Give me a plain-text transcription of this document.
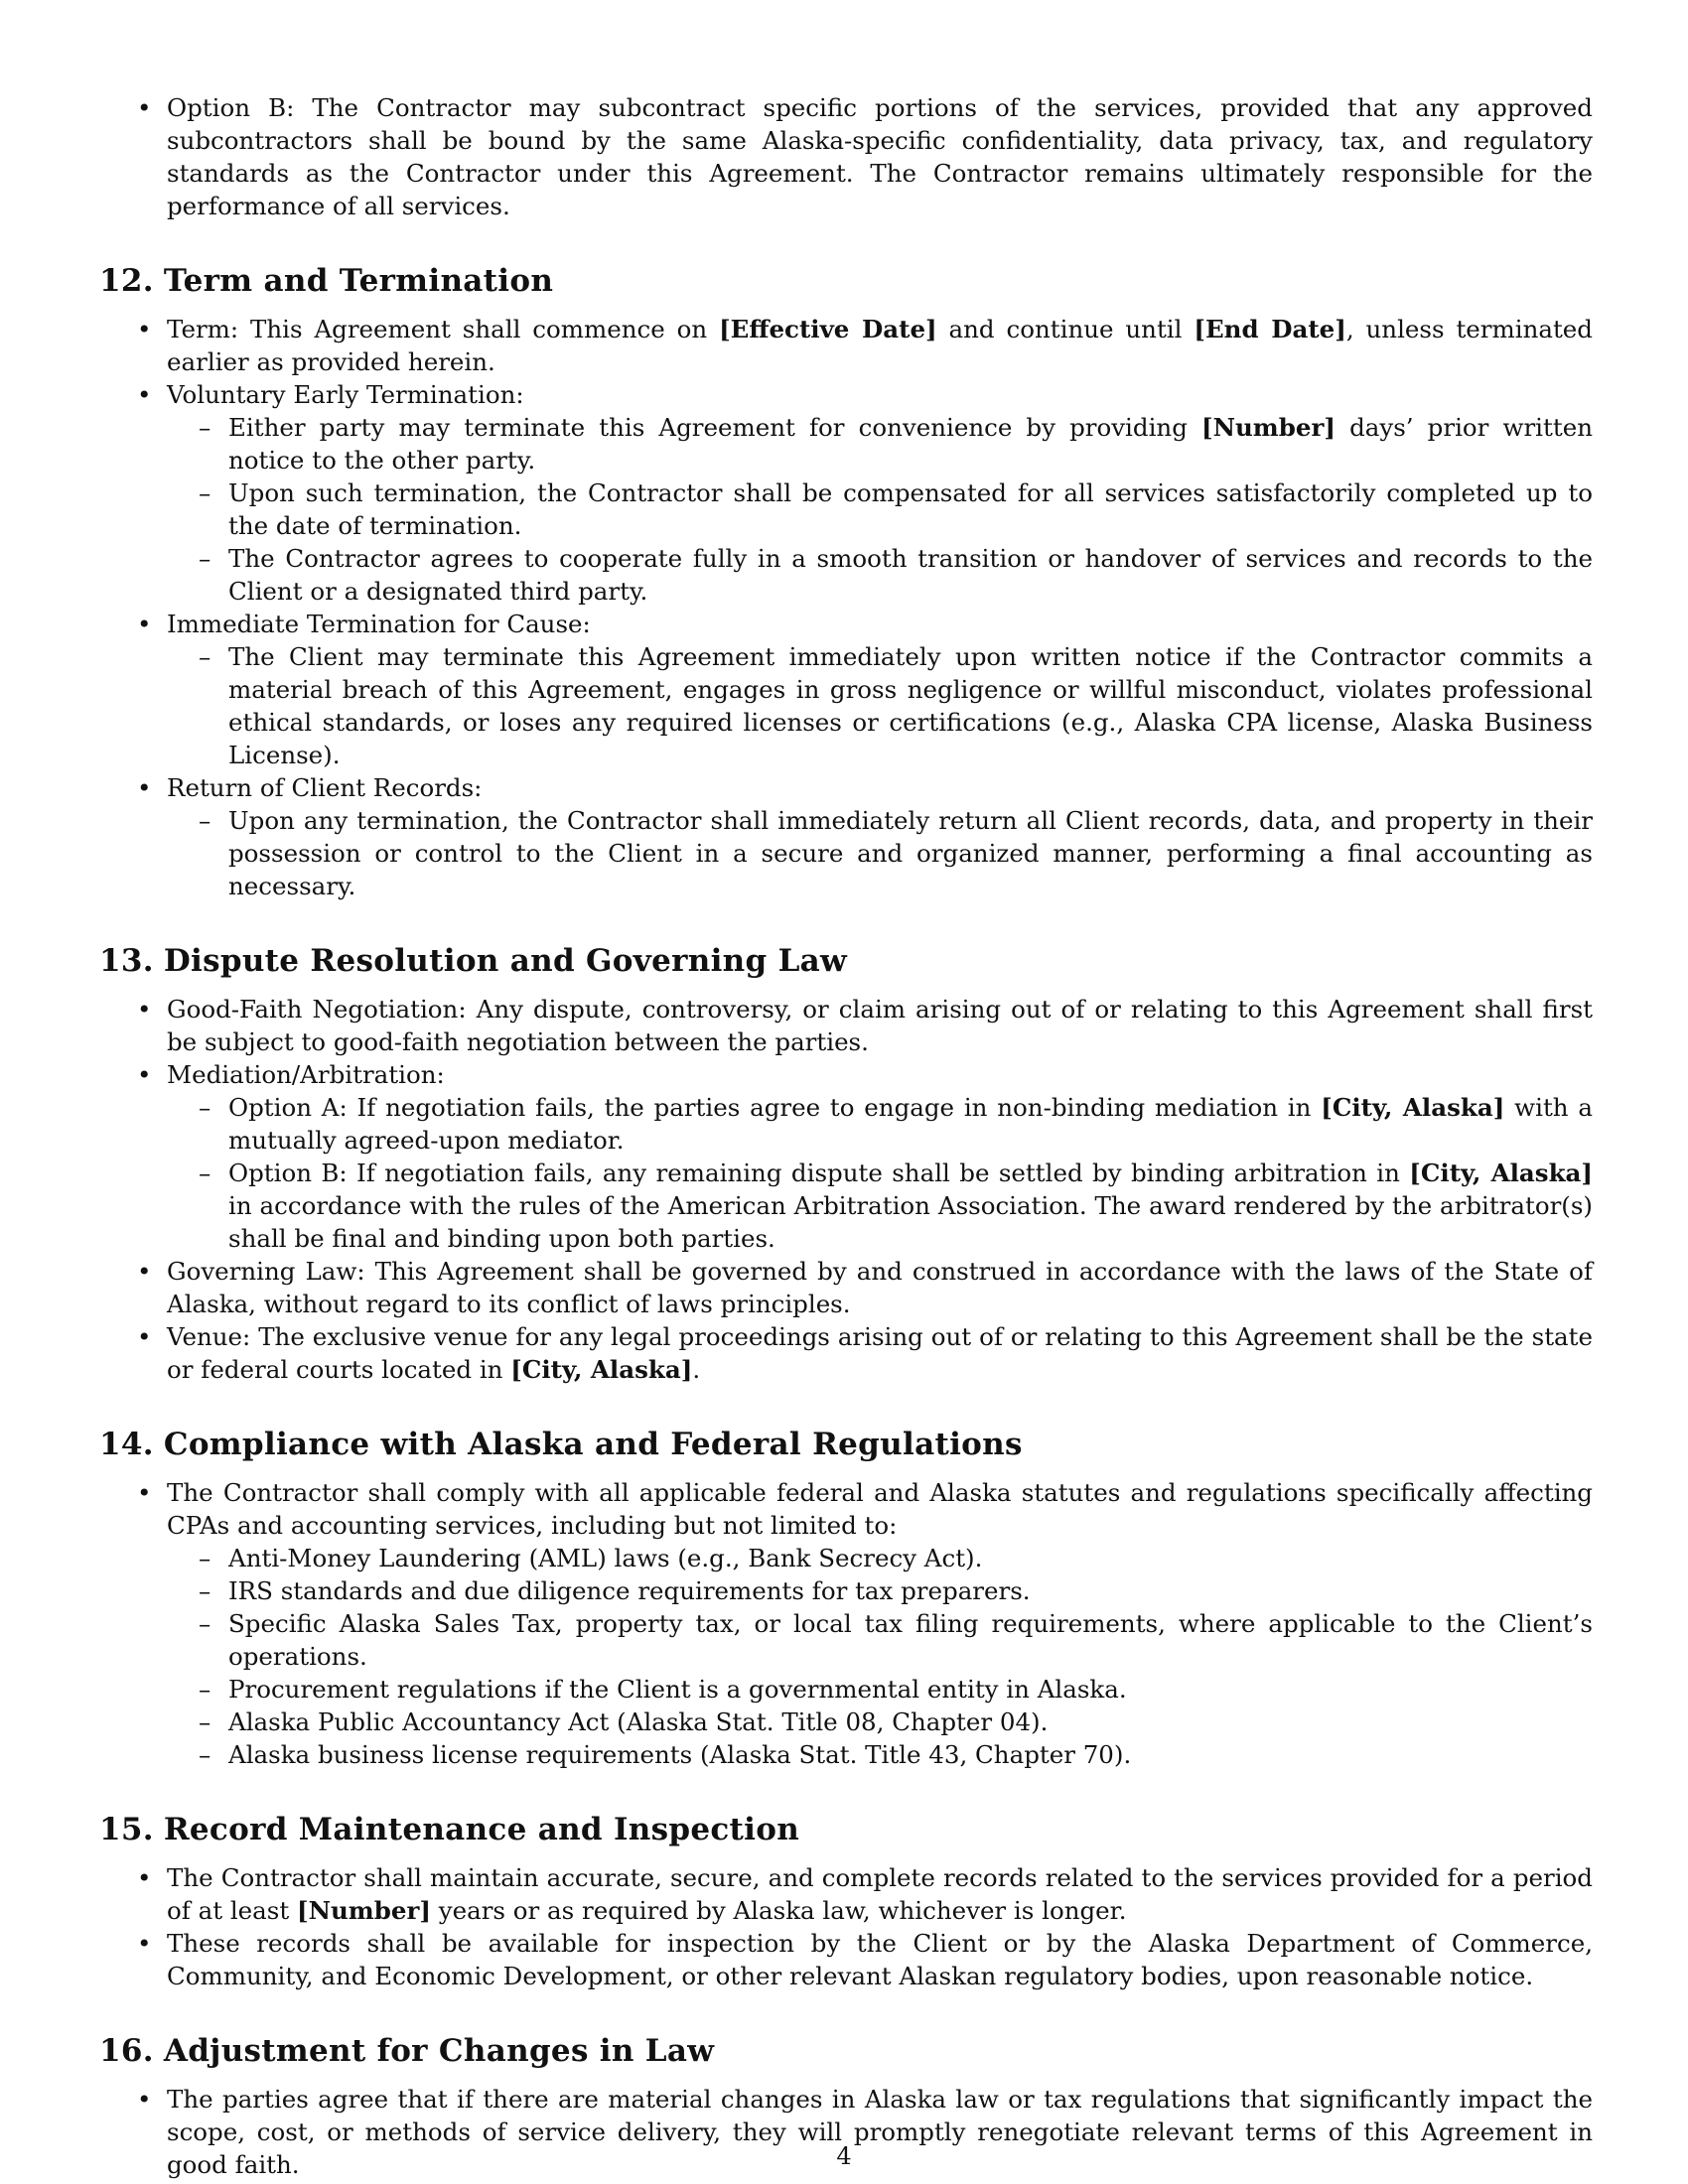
• Option B: The Contractor may subcontract specific portions of the services, provided that any approved subcontractors shall be bound by the same Alaska-specific confidentiality, data privacy, tax, and regulatory standards as the Contractor under this Agreement. The Contractor remains ultimately responsible for the performance of all services.
12. Term and Termination
• Term: This Agreement shall commence on [Effective Date] and continue until [End Date], unless terminated earlier as provided herein.
• Voluntary Early Termination:
– Either party may terminate this Agreement for convenience by providing [Number] days’ prior written notice to the other party.
– Upon such termination, the Contractor shall be compensated for all services satisfactorily completed up to the date of termination.
– The Contractor agrees to cooperate fully in a smooth transition or handover of services and records to the Client or a designated third party.
• Immediate Termination for Cause:
– The Client may terminate this Agreement immediately upon written notice if the Contractor commits a material breach of this Agreement, engages in gross negligence or willful misconduct, violates professional ethical standards, or loses any required licenses or certifications (e.g., Alaska CPA license, Alaska Business License).
• Return of Client Records:
– Upon any termination, the Contractor shall immediately return all Client records, data, and property in their possession or control to the Client in a secure and organized manner, performing a final accounting as necessary.
13. Dispute Resolution and Governing Law
• Good-Faith Negotiation: Any dispute, controversy, or claim arising out of or relating to this Agreement shall first be subject to good-faith negotiation between the parties.
• Mediation/Arbitration:
– Option A: If negotiation fails, the parties agree to engage in non-binding mediation in [City, Alaska] with a mutually agreed-upon mediator.
– Option B: If negotiation fails, any remaining dispute shall be settled by binding arbitration in [City, Alaska] in accordance with the rules of the American Arbitration Association. The award rendered by the arbitrator(s) shall be final and binding upon both parties.
• Governing Law: This Agreement shall be governed by and construed in accordance with the laws of the State of Alaska, without regard to its conflict of laws principles.
• Venue: The exclusive venue for any legal proceedings arising out of or relating to this Agreement shall be the state or federal courts located in [City, Alaska].
14. Compliance with Alaska and Federal Regulations
• The Contractor shall comply with all applicable federal and Alaska statutes and regulations specifically affecting CPAs and accounting services, including but not limited to:
– Anti-Money Laundering (AML) laws (e.g., Bank Secrecy Act).
– IRS standards and due diligence requirements for tax preparers.
– Specific Alaska Sales Tax, property tax, or local tax filing requirements, where applicable to the Client’s operations.
– Procurement regulations if the Client is a governmental entity in Alaska.
– Alaska Public Accountancy Act (Alaska Stat. Title 08, Chapter 04).
– Alaska business license requirements (Alaska Stat. Title 43, Chapter 70).
15. Record Maintenance and Inspection
• The Contractor shall maintain accurate, secure, and complete records related to the services provided for a period of at least [Number] years or as required by Alaska law, whichever is longer.
• These records shall be available for inspection by the Client or by the Alaska Department of Commerce, Community, and Economic Development, or other relevant Alaskan regulatory bodies, upon reasonable notice.
16. Adjustment for Changes in Law
• The parties agree that if there are material changes in Alaska law or tax regulations that significantly impact the scope, cost, or methods of service delivery, they will promptly renegotiate relevant terms of this Agreement in good faith.	4
